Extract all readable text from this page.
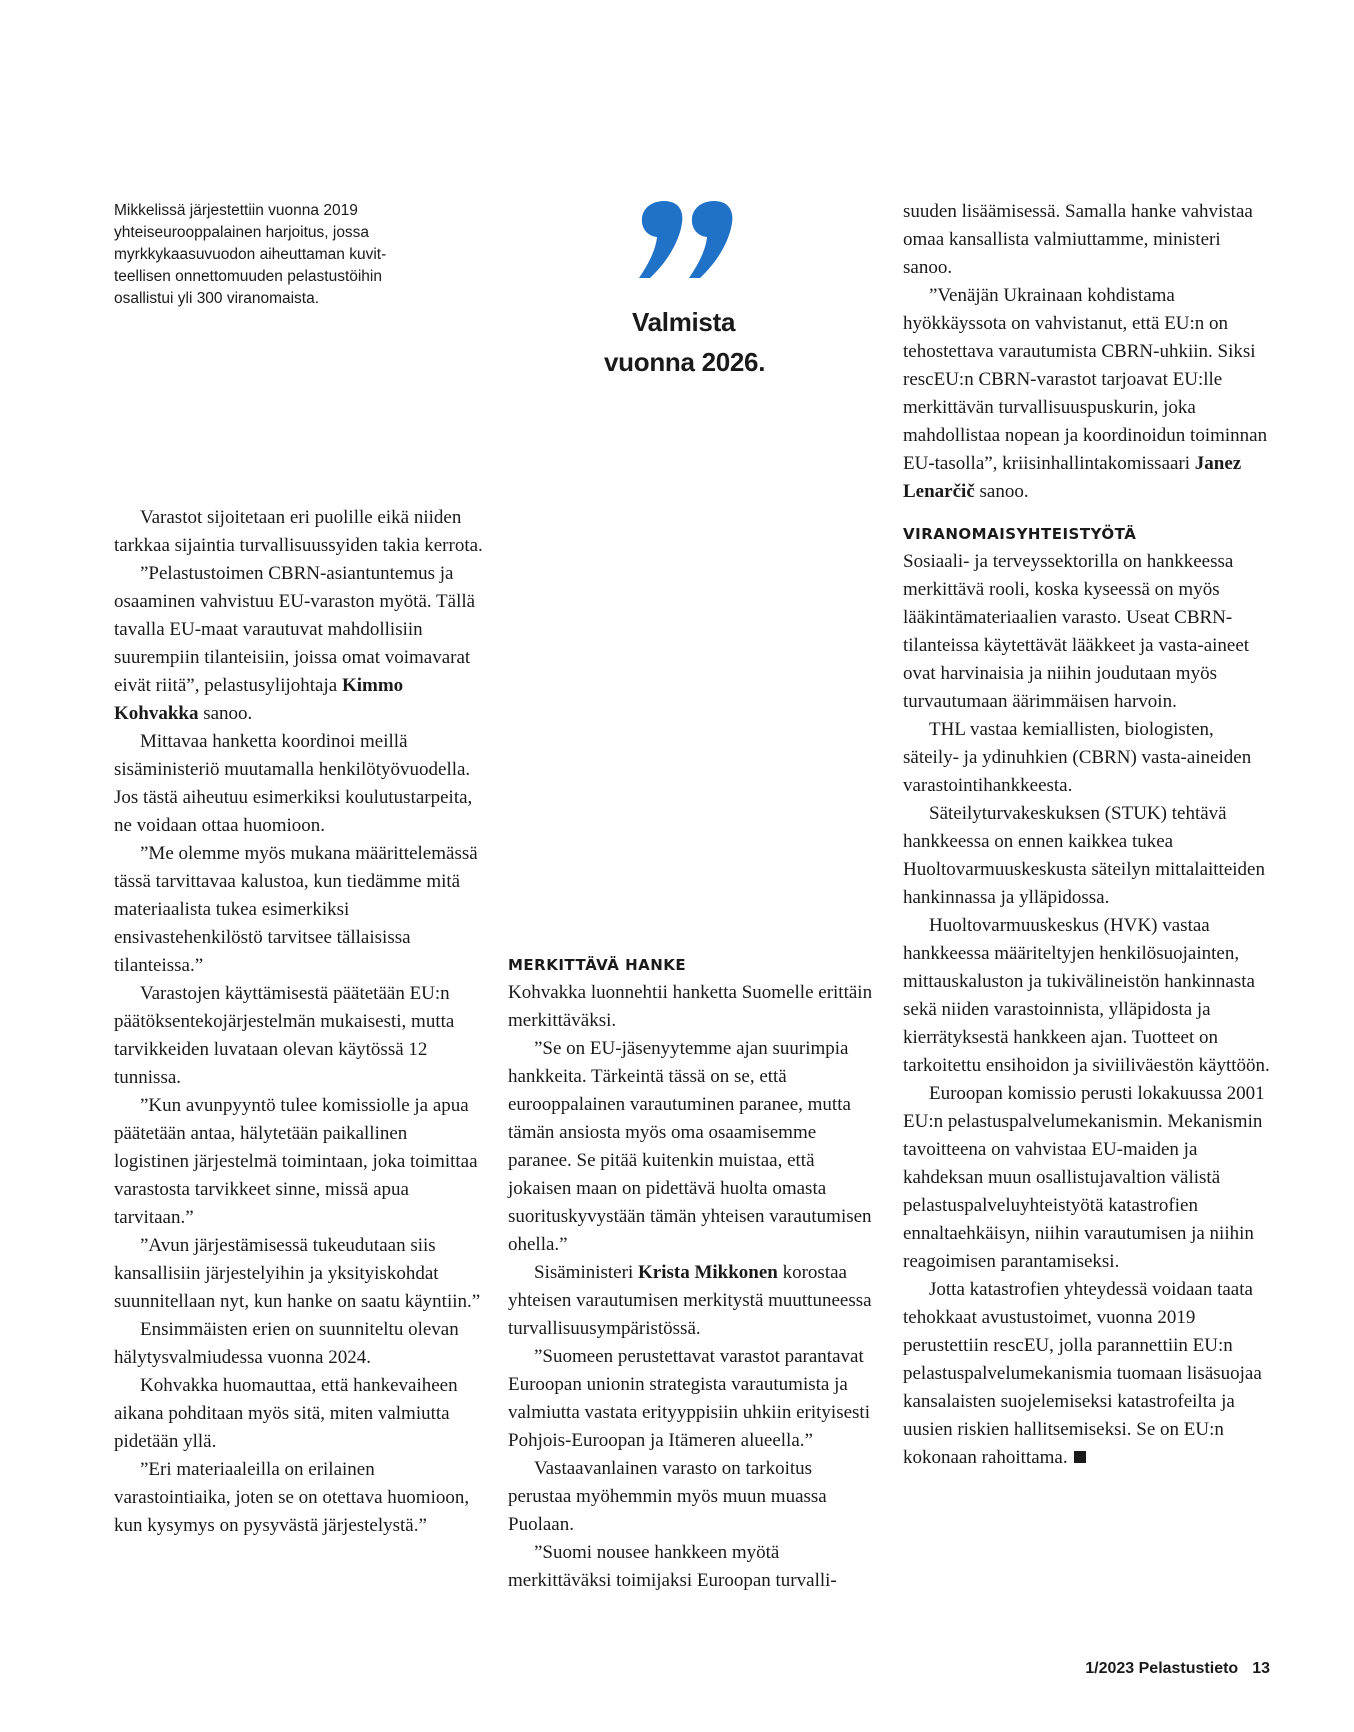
Mikkelissä järjestettiin vuonna 2019
yhteiseurooppalainen harjoitus, jossa
myrkkykaasuvuodon aiheuttaman kuvit-
teellisen onnettomuuden pelastustöihin
osallistui yli 300 viranomaista.
Valmista
vuonna 2026.

Varastot sijoitetaan eri puolille eikä niiden tarkkaa sijaintia turvallisuussyiden takia kerrota.

”Pelastustoimen CBRN-asiantuntemus ja osaaminen vahvistuu EU-varaston myötä. Tällä tavalla EU-maat varautuvat mahdollisiin suurempiin tilanteisiin, joissa omat voimavarat eivät riitä”, pelastusylijohtaja Kimmo Kohvakka sanoo.

Mittavaa hanketta koordinoi meillä sisäministeriö muutamalla henkilötyövuodella. Jos tästä aiheutuu esimerkiksi koulutustarpeita, ne voidaan ottaa huomioon.

”Me olemme myös mukana määrittelemässä tässä tarvittavaa kalustoa, kun tiedämme mitä materiaalista tukea esimerkiksi ensivastehenkilöstö tarvitsee tällaisissa tilanteissa.”

Varastojen käyttämisestä päätetään EU:n päätöksentekojärjestelmän mukaisesti, mutta tarvikkeiden luvataan olevan käytössä 12 tunnissa.

”Kun avunpyyntö tulee komissiolle ja apua päätetään antaa, hälytetään paikallinen logistinen järjestelmä toimintaan, joka toimittaa varastosta tarvikkeet sinne, missä apua tarvitaan.”

”Avun järjestämisessä tukeudutaan siis kansallisiin järjestelyihin ja yksityiskohdat suunnitellaan nyt, kun hanke on saatu käyntiin.”

Ensimmäisten erien on suunniteltu olevan hälytysvalmiudessa vuonna 2024.

Kohvakka huomauttaa, että hankevaiheen aikana pohditaan myös sitä, miten valmiutta pidetään yllä.

”Eri materiaaleilla on erilainen varastointiaika, joten se on otettava huomioon, kun kysymys on pysyvästä järjestelystä.”

MERKITTÄVÄ HANKE

Kohvakka luonnehtii hanketta Suomelle erittäin merkittäväksi.

”Se on EU-jäsenyytemme ajan suurimpia hankkeita. Tärkeintä tässä on se, että eurooppalainen varautuminen paranee, mutta tämän ansiosta myös oma osaamisemme paranee. Se pitää kuitenkin muistaa, että jokaisen maan on pidettävä huolta omasta suorituskyvystään tämän yhteisen varautumisen ohella.”

Sisäministeri Krista Mikkonen korostaa yhteisen varautumisen merkitystä muuttuneessa turvallisuusympäristössä.

”Suomeen perustettavat varastot parantavat Euroopan unionin strategista varautumista ja valmiutta vastata erityyppisiin uhkiin erityisesti Pohjois-Euroopan ja Itämeren alueella.”

Vastaavanlainen varasto on tarkoitus perustaa myöhemmin myös muun muassa Puolaan.

”Suomi nousee hankkeen myötä merkittäväksi toimijaksi Euroopan turvalli-

suuden lisäämisessä. Samalla hanke vahvistaa omaa kansallista valmiuttamme, ministeri sanoo.

”Venäjän Ukrainaan kohdistama hyökkäyssota on vahvistanut, että EU:n on tehostettava varautumista CBRN-uhkiin. Siksi rescEU:n CBRN-varastot tarjoavat EU:lle merkittävän turvallisuuspuskurin, joka mahdollistaa nopean ja koordinoidun toiminnan EU-tasolla”, kriisinhallintakomissaari Janez Lenarčič sanoo.

VIRANOMAISYHTEISTYÖTÄ

Sosiaali- ja terveyssektorilla on hankkeessa merkittävä rooli, koska kyseessä on myös lääkintämateriaalien varasto. Useat CBRN-tilanteissa käytettävät lääkkeet ja vasta-aineet ovat harvinaisia ja niihin joudutaan myös turvautumaan äärimmäisen harvoin.

THL vastaa kemiallisten, biologisten, säteily- ja ydinuhkien (CBRN) vasta-aineiden varastointihankkeesta.

Säteilyturvakeskuksen (STUK) tehtävä hankkeessa on ennen kaikkea tukea Huoltovarmuuskeskusta säteilyn mittalaitteiden hankinnassa ja ylläpidossa.

Huoltovarmuuskeskus (HVK) vastaa hankkeessa määriteltyjen henkilösuojainten, mittauskaluston ja tukivälineistön hankinnasta sekä niiden varastoinnista, ylläpidosta ja kierrätyksestä hankkeen ajan. Tuotteet on tarkoitettu ensihoidon ja siviiliväestön käyttöön.

Euroopan komissio perusti lokakuussa 2001 EU:n pelastuspalvelumekanismin. Mekanismin tavoitteena on vahvistaa EU-maiden ja kahdeksan muun osallistujavaltion välistä pelastuspalveluyhteistyötä katastrofien ennaltaehkäisyn, niihin varautumisen ja niihin reagoimisen parantamiseksi.

Jotta katastrofien yhteydessä voidaan taata tehokkaat avustustoimet, vuonna 2019 perustettiin rescEU, jolla parannettiin EU:n pelastuspalvelumekanismia tuomaan lisäsuojaa kansalaisten suojelemiseksi katastrofeilta ja uusien riskien hallitsemiseksi. Se on EU:n kokonaan rahoittama.

1/2023 Pelastustieto 13
